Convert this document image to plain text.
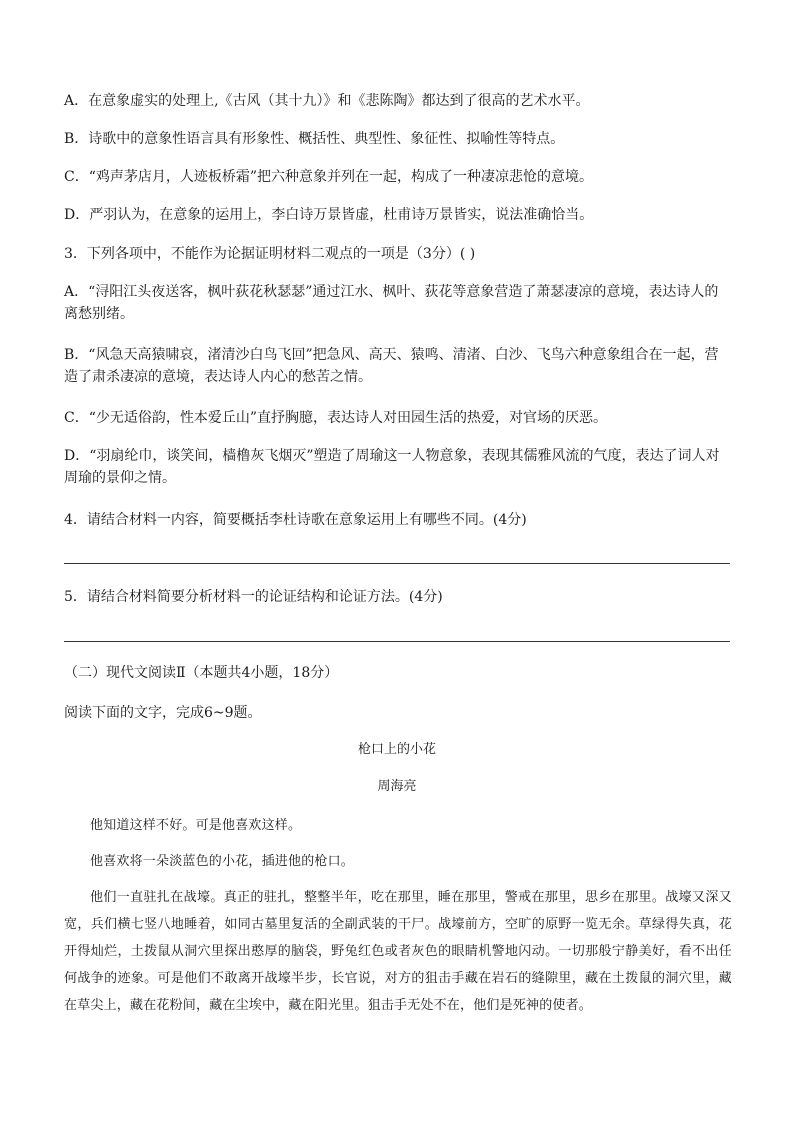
A．在意象虚实的处理上,《古风（其十九）》和《悲陈陶》都达到了很高的艺术水平。
B．诗歌中的意象性语言具有形象性、概括性、典型性、象征性、拟喻性等特点。
C．“鸡声茅店月，人迹板桥霜”把六种意象并列在一起，构成了一种凄凉悲怆的意境。
D．严羽认为，在意象的运用上，李白诗万景皆虚，杜甫诗万景皆实，说法准确恰当。
3．下列各项中，不能作为论据证明材料二观点的一项是（3分）( )
A．“浔阳江头夜送客，枫叶荻花秋瑟瑟”通过江水、枫叶、荻花等意象营造了萧瑟凄凉的意境，表达诗人的离愁别绪。
B．“风急天高猿啸哀，渚清沙白鸟飞回”把急风、高天、猿鸣、清渚、白沙、飞鸟六种意象组合在一起，营造了肃杀凄凉的意境，表达诗人内心的愁苦之情。
C．“少无适俗韵，性本爱丘山”直抒胸臆，表达诗人对田园生活的热爱，对官场的厌恶。
D．“羽扇纶巾，谈笑间，樯橹灰飞烟灭”塑造了周瑜这一人物意象，表现其儒雅风流的气度，表达了词人对周瑜的景仰之情。
4．请结合材料一内容，简要概括李杜诗歌在意象运用上有哪些不同。(4分)
5．请结合材料简要分析材料一的论证结构和论证方法。(4分)
（二）现代文阅读Ⅱ（本题共4小题，18分）
阅读下面的文字，完成6~9题。
枪口上的小花
周海亮
他知道这样不好。可是他喜欢这样。
他喜欢将一朵淡蓝色的小花，插进他的枪口。
他们一直驻扎在战壕。真正的驻扎，整整半年，吃在那里，睡在那里，警戒在那里，思乡在那里。战壕又深又宽，兵们横七竖八地睡着，如同古墓里复活的全副武装的干尸。战壕前方，空旷的原野一览无余。草绿得失真，花开得灿烂，土拨鼠从洞穴里探出憨厚的脑袋，野兔红色或者灰色的眼睛机警地闪动。一切那般宁静美好，看不出任何战争的迹象。可是他们不敢离开战壕半步，长官说，对方的狙击手藏在岩石的缝隙里，藏在土拨鼠的洞穴里，藏在草尖上，藏在花粉间，藏在尘埃中，藏在阳光里。狙击手无处不在，他们是死神的使者。
